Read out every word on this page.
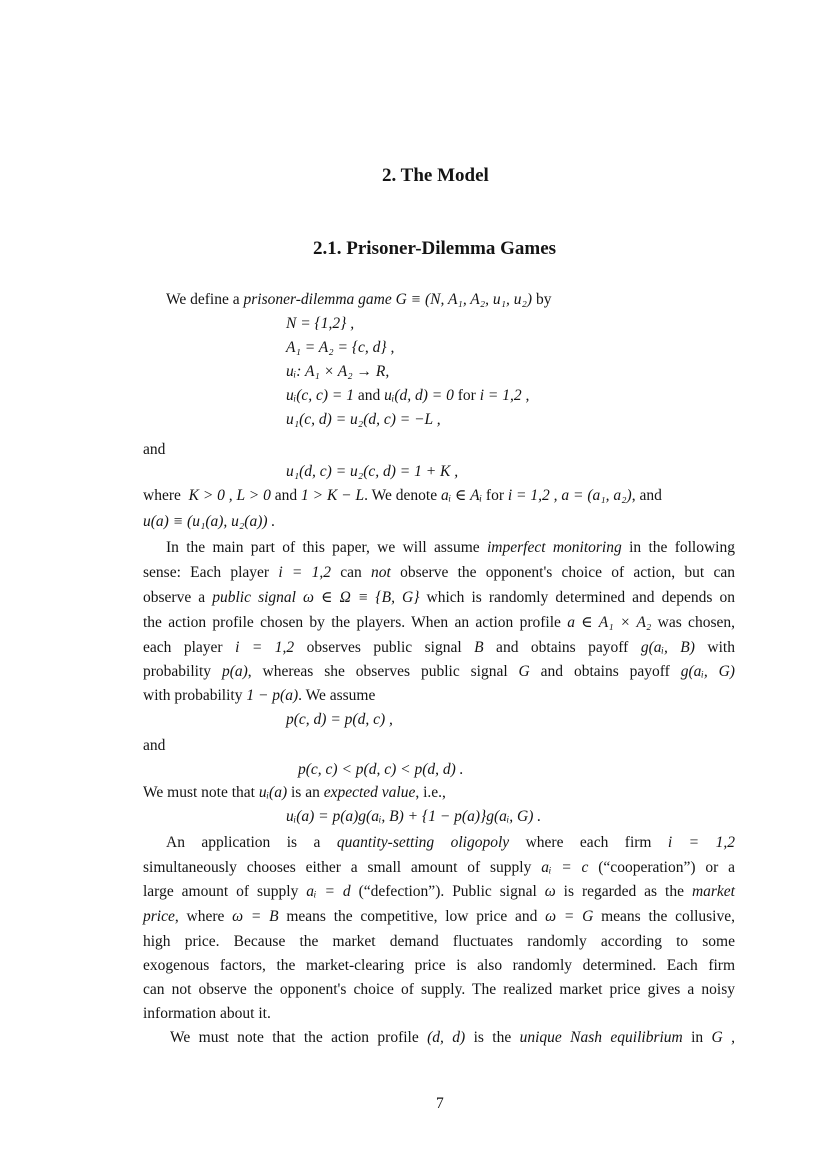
2. The Model
2.1. Prisoner-Dilemma Games
We define a prisoner-dilemma game G ≡ (N, A₁, A₂, u₁, u₂) by
N = {1,2} ,
A₁ = A₂ = {c, d} ,
uᵢ: A₁ × A₂ → R,
uᵢ(c, c) = 1 and uᵢ(d, d) = 0 for i = 1,2 ,
u₁(c, d) = u₂(d, c) = −L ,
and
u₁(d, c) = u₂(c, d) = 1 + K ,
where K > 0 , L > 0 and 1 > K − L. We denote aᵢ ∈ Aᵢ for i = 1,2 , a = (a₁, a₂), and
u(a) ≡ (u₁(a), u₂(a)) .
In the main part of this paper, we will assume imperfect monitoring in the following
sense: Each player i = 1,2 can not observe the opponent's choice of action, but can
observe a public signal ω ∈ Ω ≡ {B, G} which is randomly determined and depends on
the action profile chosen by the players. When an action profile a ∈ A₁ × A₂ was chosen,
each player i = 1,2 observes public signal B and obtains payoff g(aᵢ, B) with
probability p(a), whereas she observes public signal G and obtains payoff g(aᵢ, G)
with probability 1 − p(a). We assume
p(c, d) = p(d, c) ,
and
p(c, c) < p(d, c) < p(d, d) .
We must note that uᵢ(a) is an expected value, i.e.,
uᵢ(a) = p(a)g(aᵢ, B) + {1 − p(a)}g(aᵢ, G) .
An application is a quantity-setting oligopoly where each firm i = 1,2
simultaneously chooses either a small amount of supply aᵢ = c (“cooperation”) or a
large amount of supply aᵢ = d (“defection”). Public signal ω is regarded as the market
price, where ω = B means the competitive, low price and ω = G means the collusive,
high price. Because the market demand fluctuates randomly according to some
exogenous factors, the market-clearing price is also randomly determined. Each firm
can not observe the opponent's choice of supply. The realized market price gives a noisy
information about it.
We must note that the action profile (d, d) is the unique Nash equilibrium in G ,
7
